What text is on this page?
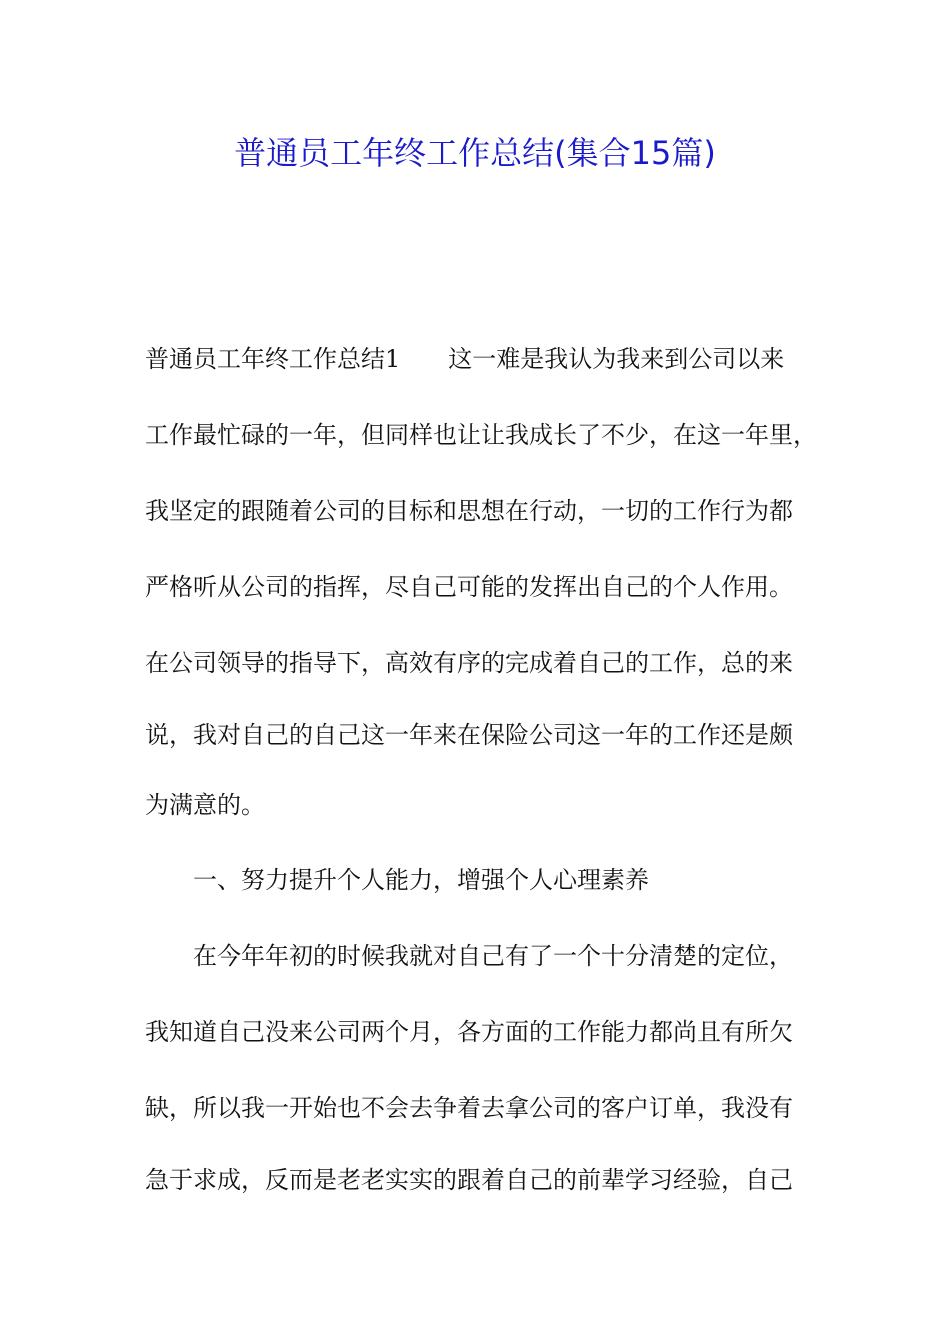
普通员工年终工作总结(集合15篇)

普通员工年终工作总结1 这一难是我认为我来到公司以来

工作最忙碌的一年，但同样也让让我成长了不少，在这一年里，

我坚定的跟随着公司的目标和思想在行动，一切的工作行为都

严格听从公司的指挥，尽自己可能的发挥出自己的个人作用。

在公司领导的指导下，高效有序的完成着自己的工作，总的来

说，我对自己的自己这一年来在保险公司这一年的工作还是颇

为满意的。

一、努力提升个人能力，增强个人心理素养

在今年年初的时候我就对自己有了一个十分清楚的定位，

我知道自己没来公司两个月，各方面的工作能力都尚且有所欠

缺，所以我一开始也不会去争着去拿公司的客户订单，我没有

急于求成，反而是老老实实的跟着自己的前辈学习经验，自己
